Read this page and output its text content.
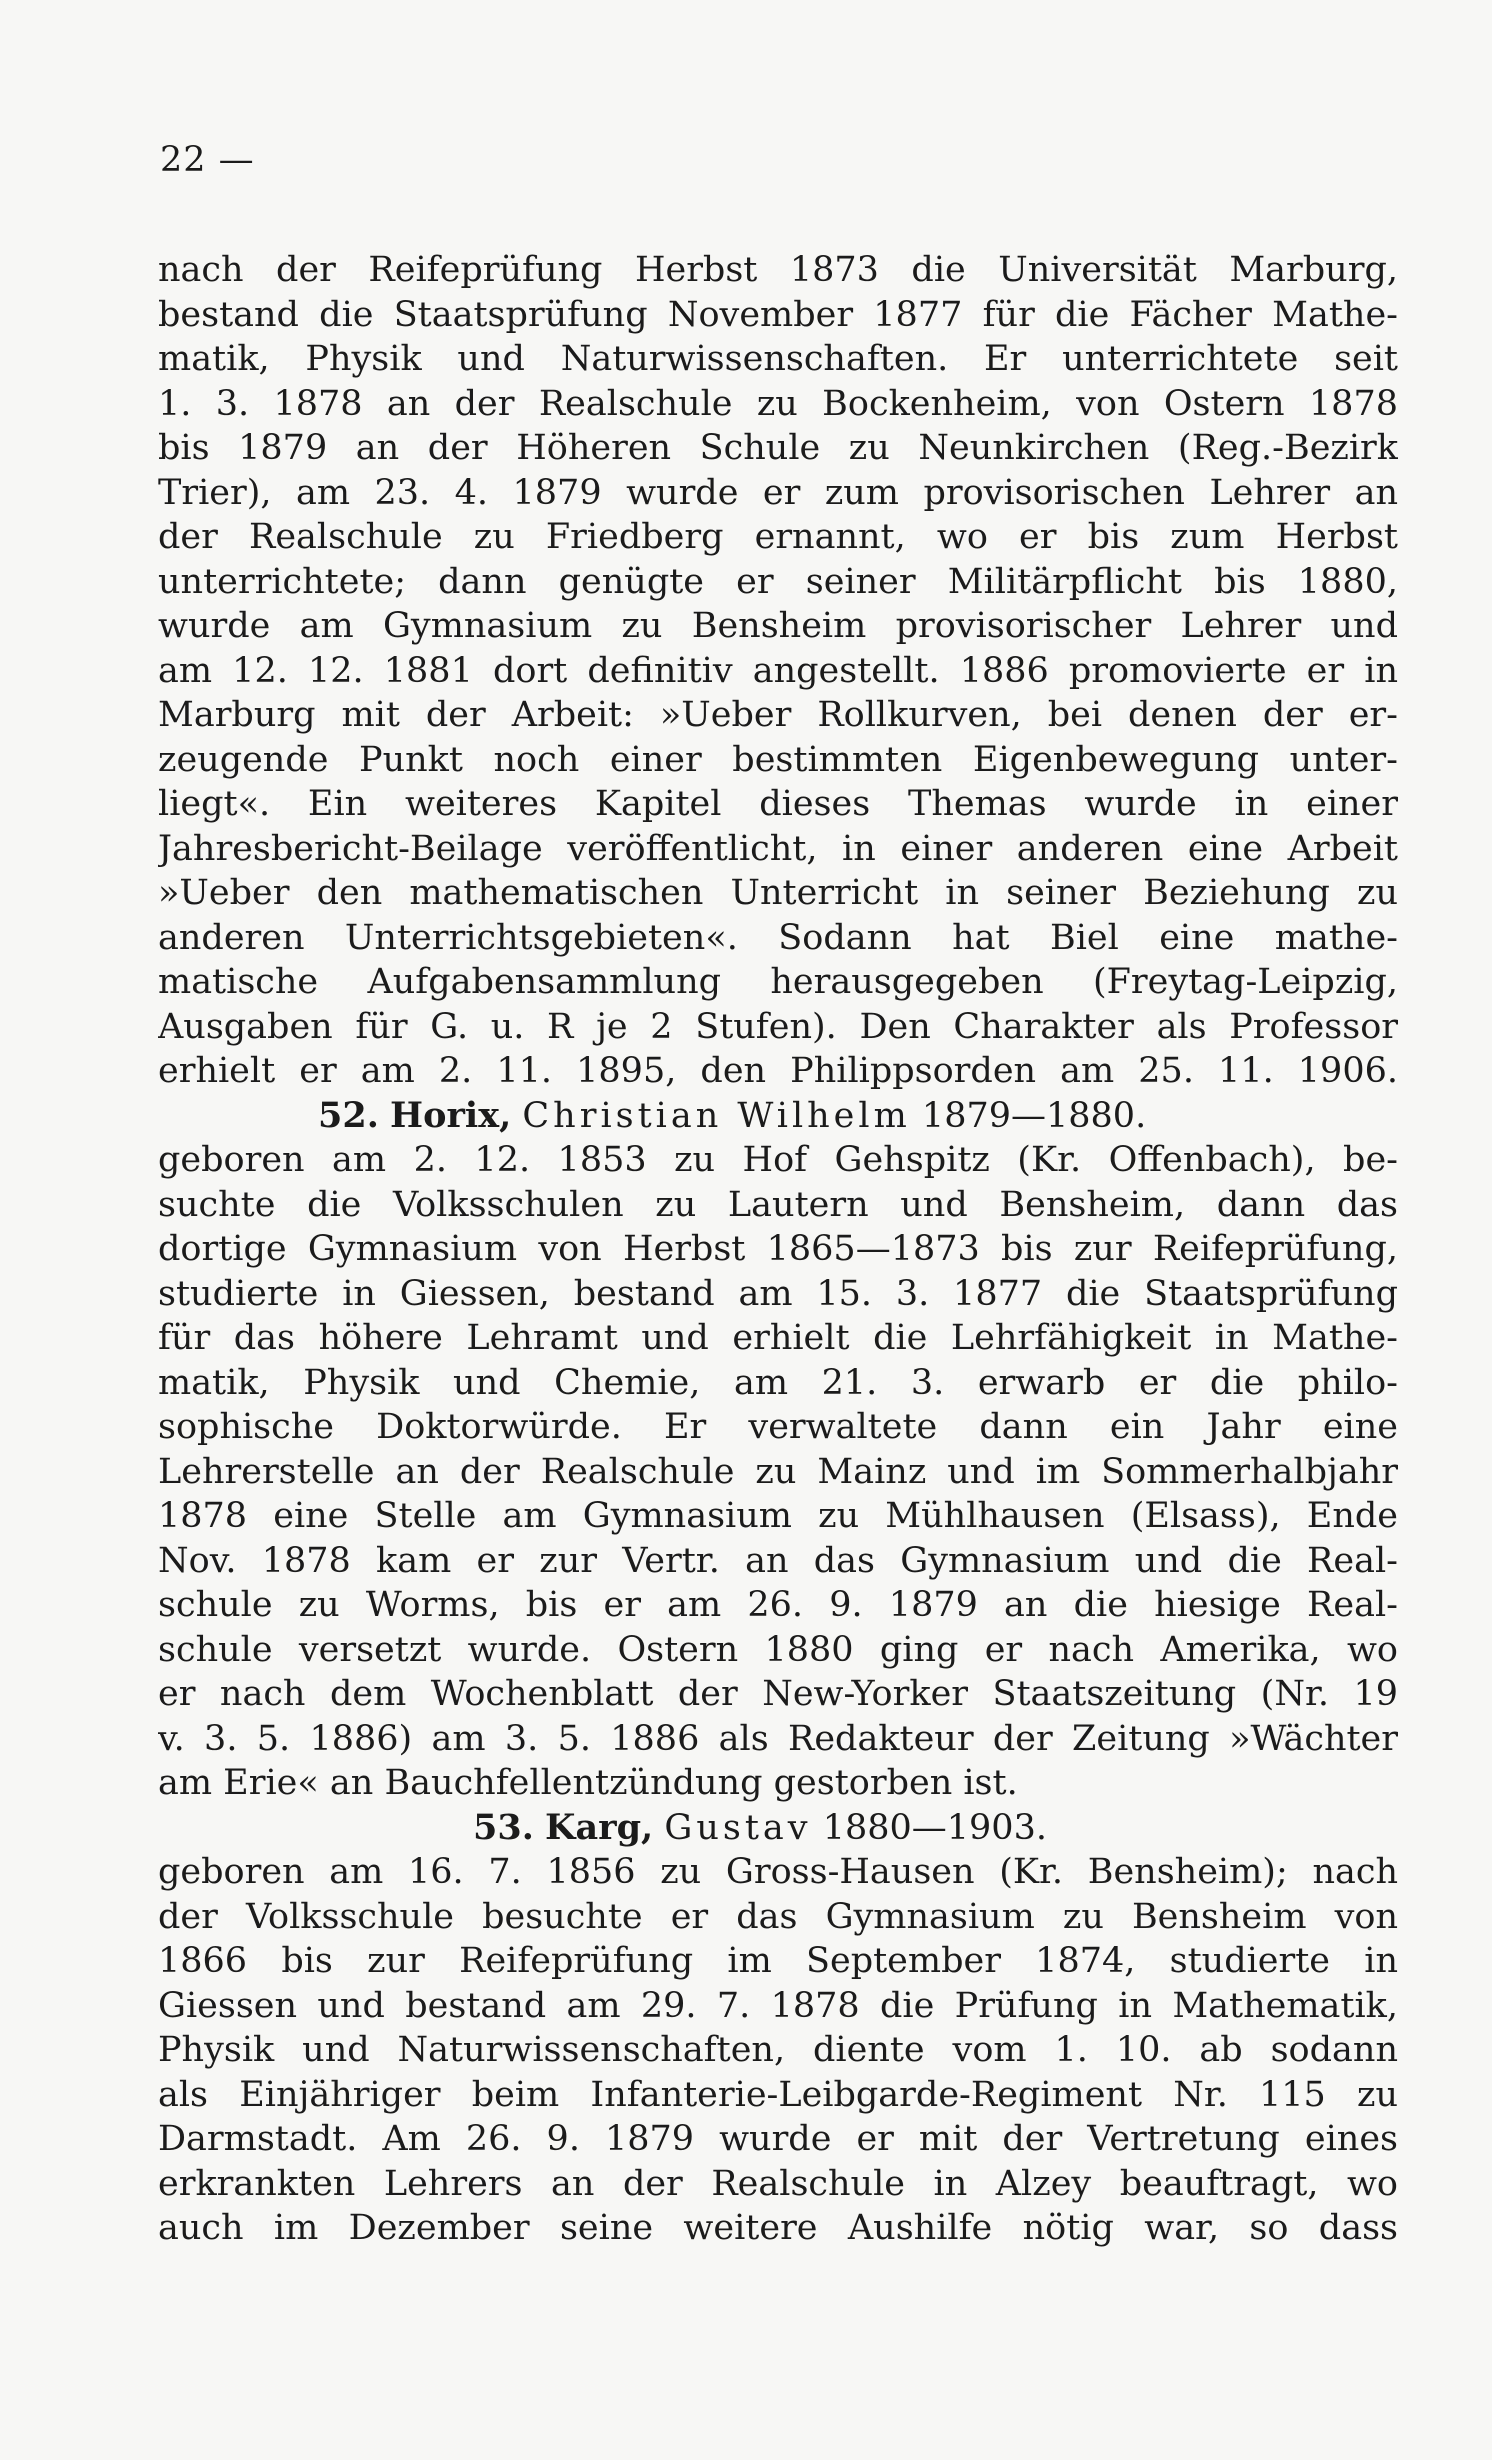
22 —
nach der Reifeprüfung Herbst 1873 die Universität Marburg,
bestand die Staatsprüfung November 1877 für die Fächer Mathe-
matik, Physik und Naturwissenschaften. Er unterrichtete seit
1. 3. 1878 an der Realschule zu Bockenheim, von Ostern 1878
bis 1879 an der Höheren Schule zu Neunkirchen (Reg.-Bezirk
Trier), am 23. 4. 1879 wurde er zum provisorischen Lehrer an
der Realschule zu Friedberg ernannt, wo er bis zum Herbst
unterrichtete; dann genügte er seiner Militärpflicht bis 1880,
wurde am Gymnasium zu Bensheim provisorischer Lehrer und
am 12. 12. 1881 dort definitiv angestellt. 1886 promovierte er in
Marburg mit der Arbeit: »Ueber Rollkurven, bei denen der er-
zeugende Punkt noch einer bestimmten Eigenbewegung unter-
liegt«. Ein weiteres Kapitel dieses Themas wurde in einer
Jahresbericht-Beilage veröffentlicht, in einer anderen eine Arbeit
»Ueber den mathematischen Unterricht in seiner Beziehung zu
anderen Unterrichtsgebieten«. Sodann hat Biel eine mathe-
matische Aufgabensammlung herausgegeben (Freytag-Leipzig,
Ausgaben für G. u. R je 2 Stufen). Den Charakter als Professor
erhielt er am 2. 11. 1895, den Philippsorden am 25. 11. 1906.
52. Horix, Christian Wilhelm 1879—1880.
geboren am 2. 12. 1853 zu Hof Gehspitz (Kr. Offenbach), be-
suchte die Volksschulen zu Lautern und Bensheim, dann das
dortige Gymnasium von Herbst 1865—1873 bis zur Reifeprüfung,
studierte in Giessen, bestand am 15. 3. 1877 die Staatsprüfung
für das höhere Lehramt und erhielt die Lehrfähigkeit in Mathe-
matik, Physik und Chemie, am 21. 3. erwarb er die philo-
sophische Doktorwürde. Er verwaltete dann ein Jahr eine
Lehrerstelle an der Realschule zu Mainz und im Sommerhalbjahr
1878 eine Stelle am Gymnasium zu Mühlhausen (Elsass), Ende
Nov. 1878 kam er zur Vertr. an das Gymnasium und die Real-
schule zu Worms, bis er am 26. 9. 1879 an die hiesige Real-
schule versetzt wurde. Ostern 1880 ging er nach Amerika, wo
er nach dem Wochenblatt der New-Yorker Staatszeitung (Nr. 19
v. 3. 5. 1886) am 3. 5. 1886 als Redakteur der Zeitung »Wächter
am Erie« an Bauchfellentzündung gestorben ist.
53. Karg, Gustav 1880—1903.
geboren am 16. 7. 1856 zu Gross-Hausen (Kr. Bensheim); nach
der Volksschule besuchte er das Gymnasium zu Bensheim von
1866 bis zur Reifeprüfung im September 1874, studierte in
Giessen und bestand am 29. 7. 1878 die Prüfung in Mathematik,
Physik und Naturwissenschaften, diente vom 1. 10. ab sodann
als Einjähriger beim Infanterie-Leibgarde-Regiment Nr. 115 zu
Darmstadt. Am 26. 9. 1879 wurde er mit der Vertretung eines
erkrankten Lehrers an der Realschule in Alzey beauftragt, wo
auch im Dezember seine weitere Aushilfe nötig war, so dass
